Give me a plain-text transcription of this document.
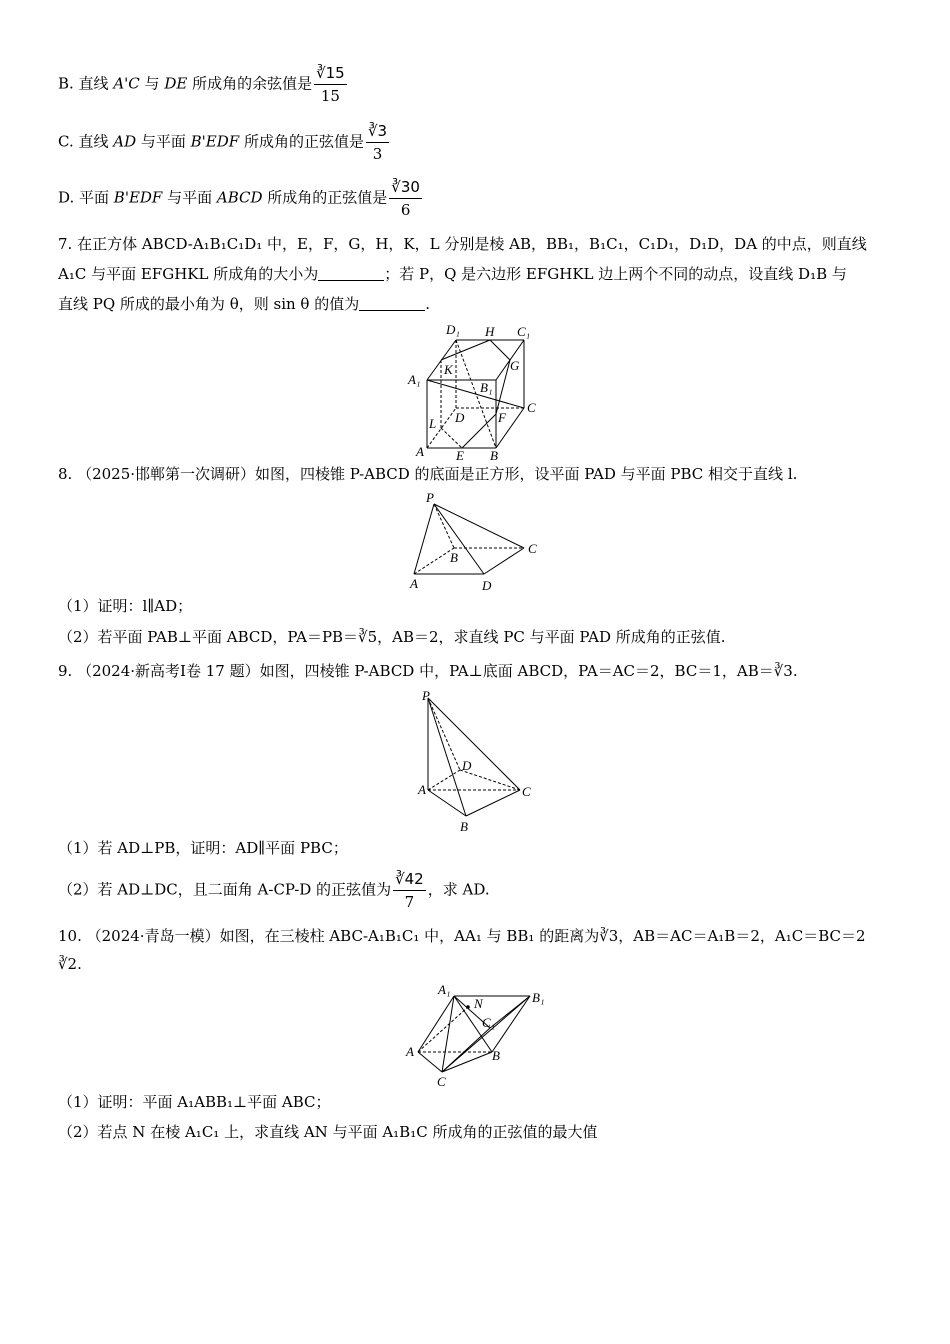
B. 直线 A'C 与 DE 所成角的余弦值是 $\frac{∛15}{15}$
C. 直线 AD 与平面 B'EDF 所成角的正弦值是 $\frac{∛3}{3}$
D. 平面 B'EDF 与平面 ABCD 所成角的正弦值是 $\frac{∛30}{6}$
7. 在正方体 ABCD-A₁B₁C₁D₁ 中，E，F，G，H，K，L 分别是棱 AB，BB₁，B₁C₁，C₁D₁，D₁D，DA 的中点，则直线
A₁C 与平面 EFGHKL 所成角的大小为	；若 P，Q 是六边形 EFGHKL 边上两个不同的动点，设直线 D₁B 与
直线 PQ 所成的最小角为 θ，则 sin θ 的值为	.
D₁ H C₁
G
A₁
K
B₁
C
L D	F
A E B
8. （2025·邯郸第一次调研）如图，四棱锥 P-ABCD 的底面是正方形，设平面 PAD 与平面 PBC 相交于直线 l.
P
B
C
A	D
（1）证明：l∥AD；
（2）若平面 PAB⊥平面 ABCD，PA＝PB＝∛5，AB＝2，求直线 PC 与平面 PAD 所成角的正弦值.
9. （2024·新高考Ⅰ卷 17 题）如图，四棱锥 P-ABCD 中，PA⊥底面 ABCD，PA＝AC＝2，BC＝1，AB＝∛3.
P
D
A	C
B
（1）若 AD⊥PB，证明：AD∥平面 PBC；
（2）若 AD⊥DC，且二面角 A-CP-D 的正弦值为 $\frac{∛42}{7}$ ，求 AD.
10. （2024·青岛一模）如图，在三棱柱 ABC-A₁B₁C₁ 中，AA₁ 与 BB₁ 的距离为∛3，AB＝AC＝A₁B＝2，A₁C＝BC＝2
∛2.
A₁
N	B₁
C₁
A	B
C
（1）证明：平面 A₁ABB₁⊥平面 ABC；
（2）若点 N 在棱 A₁C₁ 上，求直线 AN 与平面 A₁B₁C 所成角的正弦值的最大值
